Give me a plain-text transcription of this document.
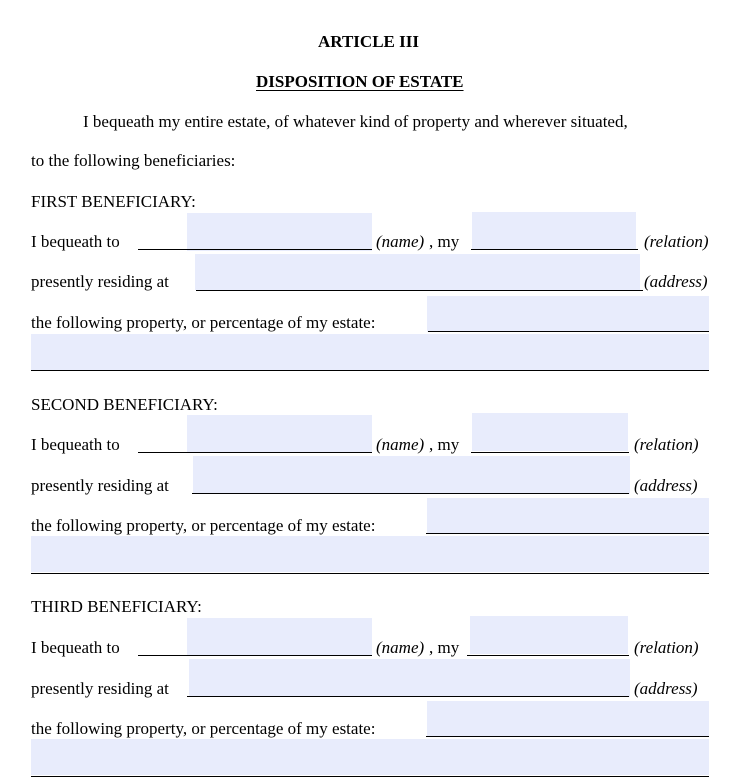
ARTICLE III
DISPOSITION OF ESTATE
I bequeath my entire estate, of whatever kind of property and wherever situated,
to the following beneficiaries:
FIRST BENEFICIARY:
I bequeath to	(name) , my	(relation)
presently residing at	(address)
the following property, or percentage of my estate:
SECOND BENEFICIARY:
I bequeath to	(name) , my	(relation)
presently residing at	(address)
the following property, or percentage of my estate:
THIRD BENEFICIARY:
I bequeath to	(name) , my	(relation)
presently residing at	(address)
the following property, or percentage of my estate:
